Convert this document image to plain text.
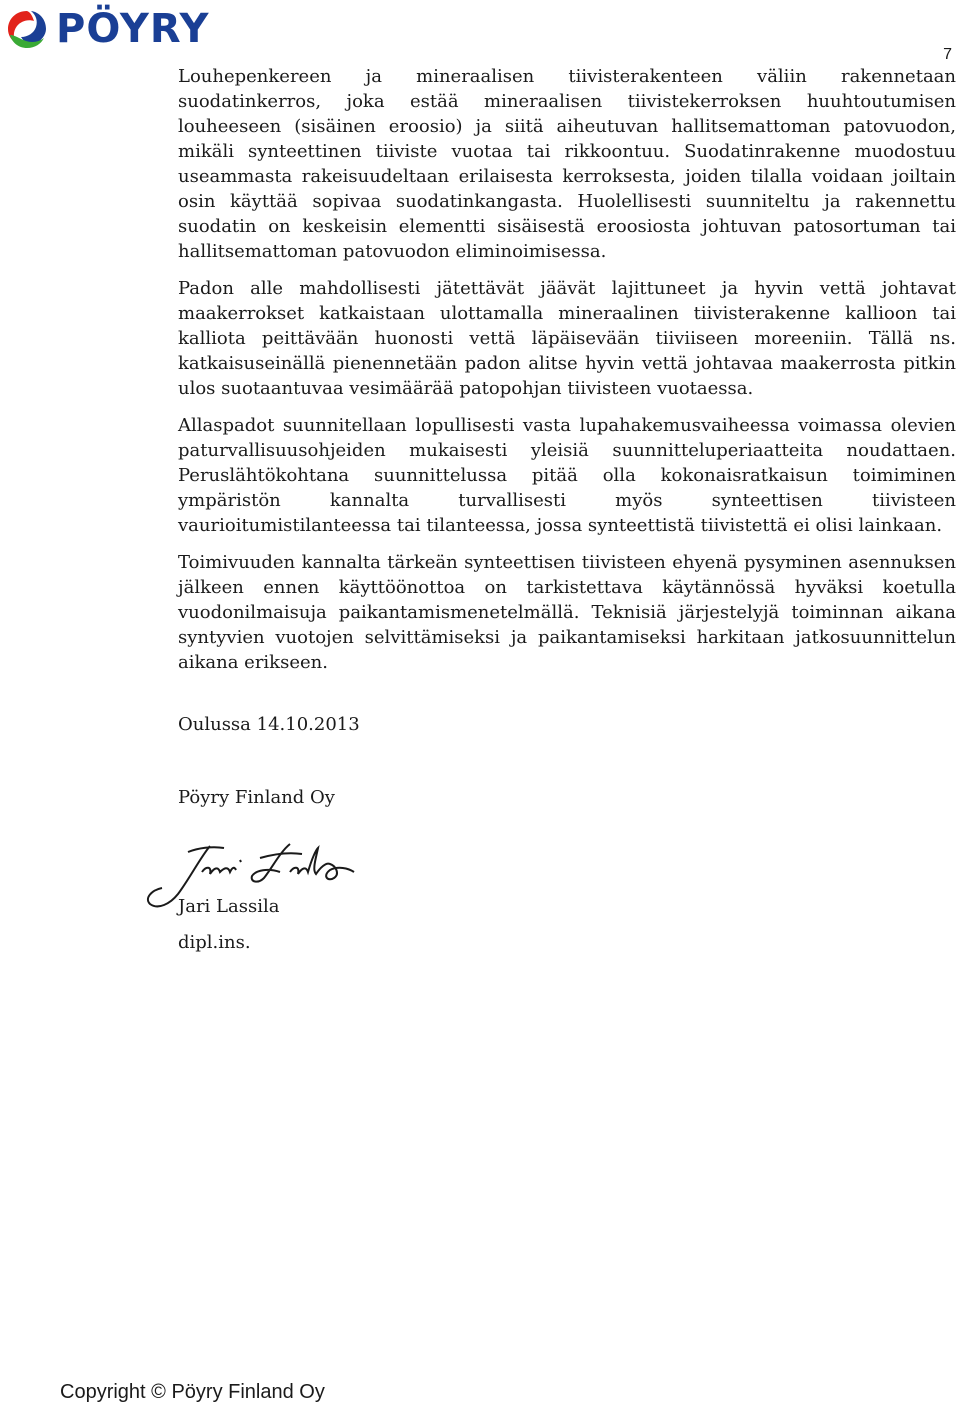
PÖYRY
7

Louhepenkereen ja mineraalisen tiivisterakenteen väliin rakennetaan suodatinkerros, joka estää mineraalisen tiivistekerroksen huuhtoutumisen louheeseen (sisäinen eroosio) ja siitä aiheutuvan hallitsemattoman patovuodon, mikäli synteettinen tiiviste vuotaa tai rikkoontuu. Suodatinrakenne muodostuu useammasta rakeisuudeltaan erilaisesta kerroksesta, joiden tilalla voidaan joiltain osin käyttää sopivaa suodatinkangasta. Huolellisesti suunniteltu ja rakennettu suodatin on keskeisin elementti sisäisestä eroosiosta johtuvan patosortuman tai hallitsemattoman patovuodon eliminoimisessa.

Padon alle mahdollisesti jätettävät jäävät lajittuneet ja hyvin vettä johtavat maakerrokset katkaistaan ulottamalla mineraalinen tiivisterakenne kallioon tai kalliota peittävään huonosti vettä läpäisevään tiiviiseen moreeniin. Tällä ns. katkaisuseinällä pienennetään padon alitse hyvin vettä johtavaa maakerrosta pitkin ulos suotaantuvaa vesimäärää patopohjan tiivisteen vuotaessa.

Allaspadot suunnitellaan lopullisesti vasta lupahakemusvaiheessa voimassa olevien paturvallisuusohjeiden mukaisesti yleisiä suunnitteluperiaatteita noudattaen. Peruslähtökohtana suunnittelussa pitää olla kokonaisratkaisun toimiminen ympäristön kannalta turvallisesti myös synteettisen tiivisteen vaurioitumistilanteessa tai tilanteessa, jossa synteettistä tiivistettä ei olisi lainkaan.

Toimivuuden kannalta tärkeän synteettisen tiivisteen ehyenä pysyminen asennuksen jälkeen ennen käyttöönottoa on tarkistettava käytännössä hyväksi koetulla vuodonilmaisuja paikantamismenetelmällä. Teknisiä järjestelyjä toiminnan aikana syntyvien vuotojen selvittämiseksi ja paikantamiseksi harkitaan jatkosuunnittelun aikana erikseen.

Oulussa 14.10.2013
Pöyry Finland Oy
Jari Lassila
dipl.ins.
Copyright © Pöyry Finland Oy
